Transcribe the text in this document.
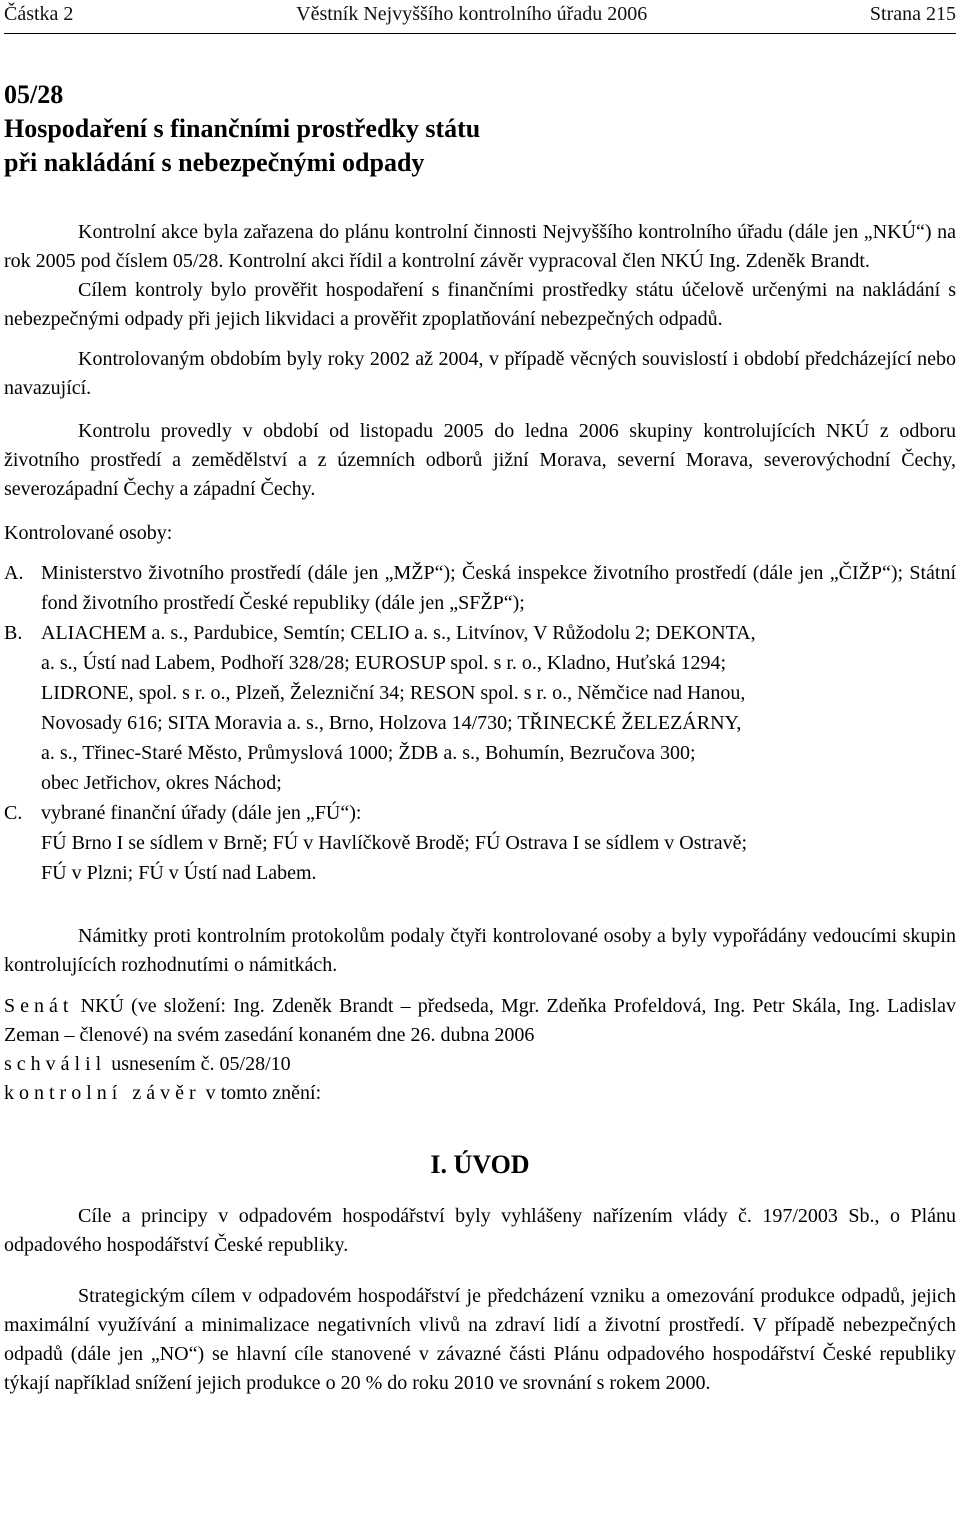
Částka 2	Věstník Nejvyššího kontrolního úřadu 2006	Strana 215
05/28
Hospodaření s finančními prostředky státu
při nakládání s nebezpečnými odpady

Kontrolní akce byla zařazena do plánu kontrolní činnosti Nejvyššího kontrolního úřadu (dále jen „NKÚ“) na rok 2005 pod číslem 05/28. Kontrolní akci řídil a kontrolní závěr vypracoval člen NKÚ Ing. Zdeněk Brandt.

Cílem kontroly bylo prověřit hospodaření s finančními prostředky státu účelově určenými na nakládání s nebezpečnými odpady při jejich likvidaci a prověřit zpoplatňování nebezpečných odpadů.

Kontrolovaným obdobím byly roky 2002 až 2004, v případě věcných souvislostí i období předcházející nebo navazující.

Kontrolu provedly v období od listopadu 2005 do ledna 2006 skupiny kontrolujících NKÚ z odboru životního prostředí a zemědělství a z územních odborů jižní Morava, severní Morava, severovýchodní Čechy, severozápadní Čechy a západní Čechy.

Kontrolované osoby:

A. Ministerstvo životního prostředí (dále jen „MŽP“); Česká inspekce životního prostředí (dále jen „ČIŽP“); Státní fond životního prostředí České republiky (dále jen „SFŽP“);
B. ALIACHEM a. s., Pardubice, Semtín; CELIO a. s., Litvínov, V Růžodolu 2; DEKONTA,
a. s., Ústí nad Labem, Podhoří 328/28; EUROSUP spol. s r. o., Kladno, Huťská 1294;
LIDRONE, spol. s r. o., Plzeň, Železniční 34; RESON spol. s r. o., Němčice nad Hanou,
Novosady 616; SITA Moravia a. s., Brno, Holzova 14/730; TŘINECKÉ ŽELEZÁRNY,
a. s., Třinec-Staré Město, Průmyslová 1000; ŽDB a. s., Bohumín, Bezručova 300;
obec Jetřichov, okres Náchod;
C. vybrané finanční úřady (dále jen „FÚ“):
FÚ Brno I se sídlem v Brně; FÚ v Havlíčkově Brodě; FÚ Ostrava I se sídlem v Ostravě;
FÚ v Plzni; FÚ v Ústí nad Labem.

Námitky proti kontrolním protokolům podaly čtyři kontrolované osoby a byly vypořádány vedoucími skupin kontrolujících rozhodnutími o námitkách.

Senát NKÚ (ve složení: Ing. Zdeněk Brandt – předseda, Mgr. Zdeňka Profeldová, Ing. Petr Skála, Ing. Ladislav Zeman – členové) na svém zasedání konaném dne 26. dubna 2006

schválil usnesením č. 05/28/10

kontrolní závěr v tomto znění:

I. ÚVOD

Cíle a principy v odpadovém hospodářství byly vyhlášeny nařízením vlády č. 197/2003 Sb., o Plánu odpadového hospodářství České republiky.

Strategickým cílem v odpadovém hospodářství je předcházení vzniku a omezování produkce odpadů, jejich maximální využívání a minimalizace negativních vlivů na zdraví lidí a životní prostředí. V případě nebezpečných odpadů (dále jen „NO“) se hlavní cíle stanovené v závazné části Plánu odpadového hospodářství České republiky týkají například snížení jejich produkce o 20 % do roku 2010 ve srovnání s rokem 2000.
